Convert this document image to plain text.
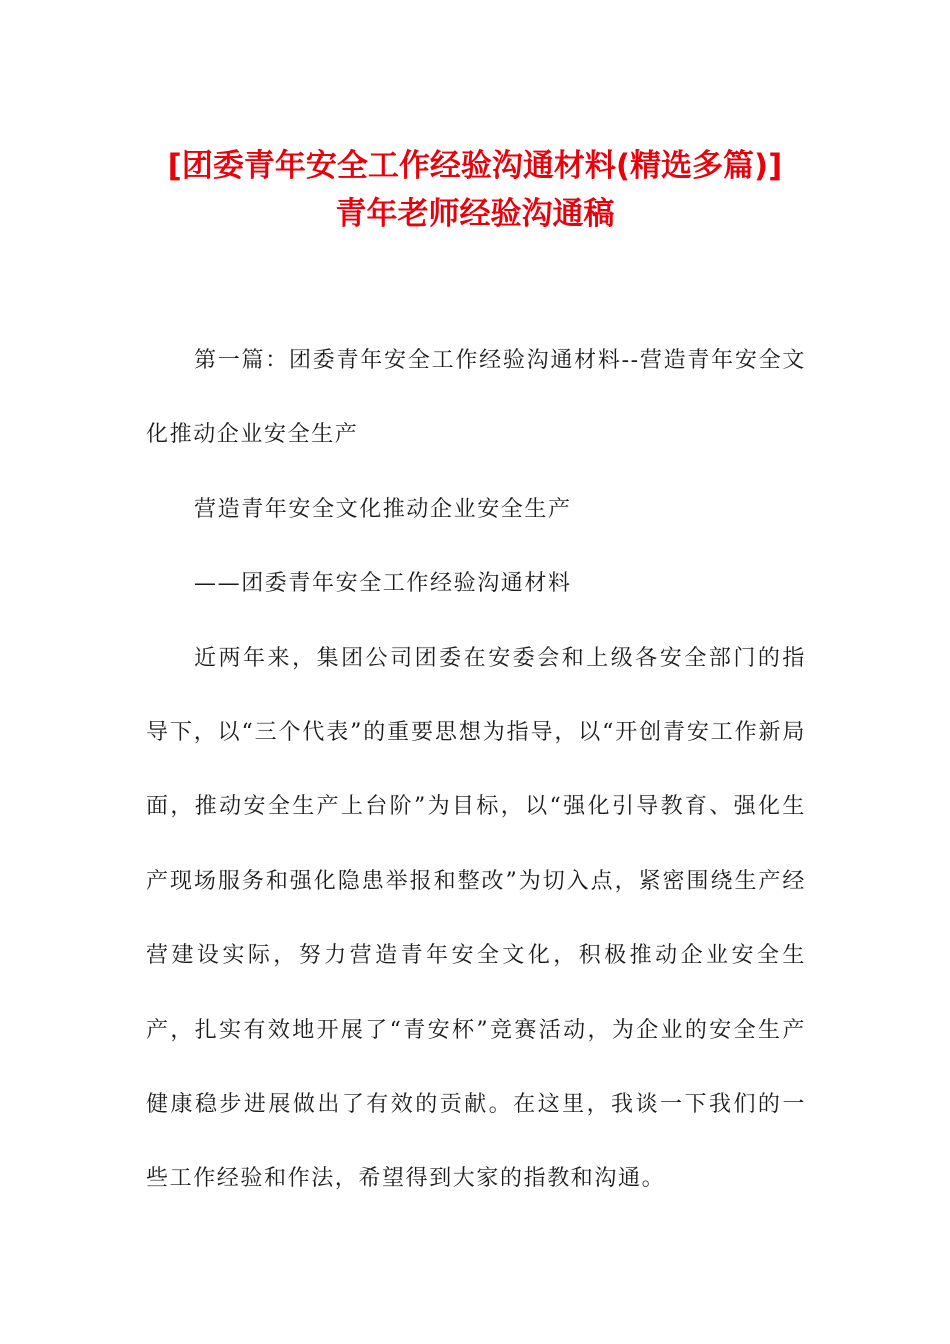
[团委青年安全工作经验沟通材料(精选多篇)]
青年老师经验沟通稿

第一篇：团委青年安全工作经验沟通材料--营造青年安全文化推动企业安全生产

营造青年安全文化推动企业安全生产

——团委青年安全工作经验沟通材料

近两年来，集团公司团委在安委会和上级各安全部门的指导下，以“三个代表”的重要思想为指导，以“开创青安工作新局面，推动安全生产上台阶”为目标，以“强化引导教育、强化生产现场服务和强化隐患举报和整改”为切入点，紧密围绕生产经营建设实际，努力营造青年安全文化，积极推动企业安全生产，扎实有效地开展了“青安杯”竞赛活动，为企业的安全生产健康稳步进展做出了有效的贡献。在这里，我谈一下我们的一些工作经验和作法，希望得到大家的指教和沟通。
